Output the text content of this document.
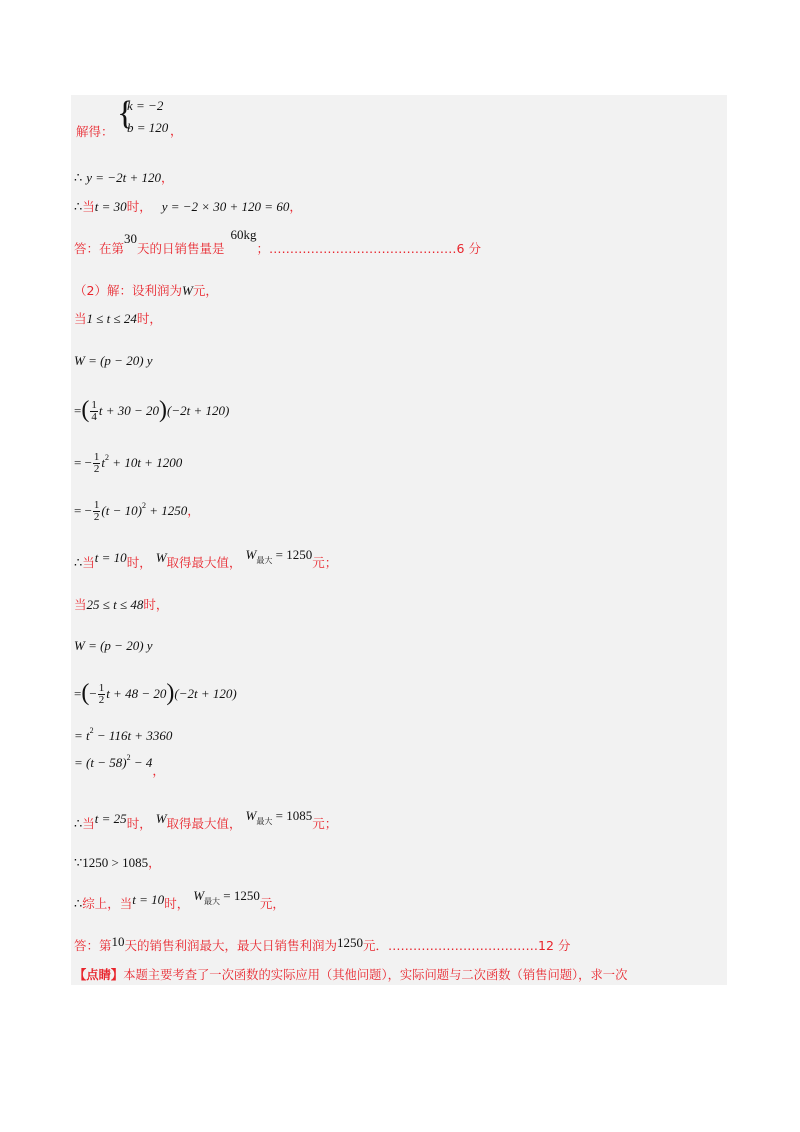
{
k = −2
b = 120
解得：	，
∴ y = −2t + 120，
∴当t = 30时， y = −2 × 30 + 120 = 60，
答：在第30天的日销售量是60kg；………………………………………6 分
（2）解：设利润为W元，
当1 ≤ t ≤ 24时，
W = (p − 20) y
=( $\frac{1}{4}$ t + 30 − 20)(−2t + 120)
= − $\frac{1}{2} t^2 + 10t + 1200$
= − $\frac{1}{2} (t - 10)^2 + 1250$，
∴当t = 10时， W取得最大值， $W^{最大} = 1250$元；
当25 ≤ t ≤ 48时，
W = (p − 20) y
=(− $\frac{1}{2}$ t + 48 − 20)(−2t + 120)
= $t^2 - 116t + 3360$
= $(t - 58)^2 - 4$，
∴当t = 25时， W取得最大值， $W^{最大} = 1085$元；
∵1250 > 1085，
∴综上，当t = 10时， $W^{最大} = 1250$元，
答：第10天的销售利润最大，最大日销售利润为1250元．………………………………12 分
【点睛】本题主要考查了一次函数的实际应用（其他问题），实际问题与二次函数（销售问题），求一次
